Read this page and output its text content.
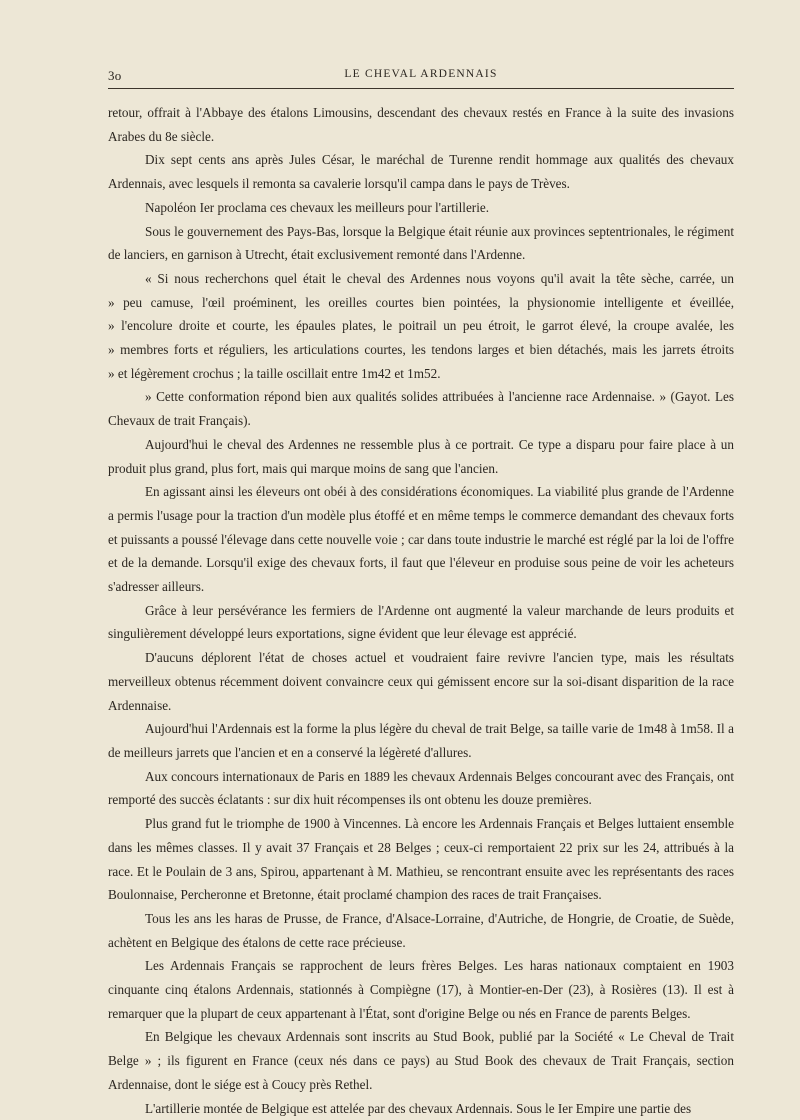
3o	LE CHEVAL ARDENNAIS

retour, offrait à l'Abbaye des étalons Limousins, descendant des chevaux restés en France à la suite des invasions Arabes du 8e siècle.

Dix sept cents ans après Jules César, le maréchal de Turenne rendit hommage aux qualités des chevaux Ardennais, avec lesquels il remonta sa cavalerie lorsqu'il campa dans le pays de Trèves.

Napoléon Ier proclama ces chevaux les meilleurs pour l'artillerie.

Sous le gouvernement des Pays-Bas, lorsque la Belgique était réunie aux provinces septentrionales, le régiment de lanciers, en garnison à Utrecht, était exclusivement remonté dans l'Ardenne.

« Si nous recherchons quel était le cheval des Ardennes nous voyons qu'il avait la tête sèche, carrée, un
» peu camuse, l'œil proéminent, les oreilles courtes bien pointées, la physionomie intelligente et éveillée,
» l'encolure droite et courte, les épaules plates, le poitrail un peu étroit, le garrot élevé, la croupe avalée, les
» membres forts et réguliers, les articulations courtes, les tendons larges et bien détachés, mais les jarrets étroits
» et légèrement crochus ; la taille oscillait entre 1m42 et 1m52.

» Cette conformation répond bien aux qualités solides attribuées à l'ancienne race Ardennaise. » (Gayot. Les Chevaux de trait Français).

Aujourd'hui le cheval des Ardennes ne ressemble plus à ce portrait. Ce type a disparu pour faire place à un produit plus grand, plus fort, mais qui marque moins de sang que l'ancien.

En agissant ainsi les éleveurs ont obéi à des considérations économiques. La viabilité plus grande de l'Ardenne a permis l'usage pour la traction d'un modèle plus étoffé et en même temps le commerce demandant des chevaux forts et puissants a poussé l'élevage dans cette nouvelle voie ; car dans toute industrie le marché est réglé par la loi de l'offre et de la demande. Lorsqu'il exige des chevaux forts, il faut que l'éleveur en produise sous peine de voir les acheteurs s'adresser ailleurs.

Grâce à leur persévérance les fermiers de l'Ardenne ont augmenté la valeur marchande de leurs produits et singulièrement développé leurs exportations, signe évident que leur élevage est apprécié.

D'aucuns déplorent l'état de choses actuel et voudraient faire revivre l'ancien type, mais les résultats merveilleux obtenus récemment doivent convaincre ceux qui gémissent encore sur la soi-disant disparition de la race Ardennaise.

Aujourd'hui l'Ardennais est la forme la plus légère du cheval de trait Belge, sa taille varie de 1m48 à 1m58. Il a de meilleurs jarrets que l'ancien et en a conservé la légèreté d'allures.

Aux concours internationaux de Paris en 1889 les chevaux Ardennais Belges concourant avec des Français, ont remporté des succès éclatants : sur dix huit récompenses ils ont obtenu les douze premières.

Plus grand fut le triomphe de 1900 à Vincennes. Là encore les Ardennais Français et Belges luttaient ensemble dans les mêmes classes. Il y avait 37 Français et 28 Belges ; ceux-ci remportaient 22 prix sur les 24, attribués à la race. Et le Poulain de 3 ans, Spirou, appartenant à M. Mathieu, se rencontrant ensuite avec les représentants des races Boulonnaise, Percheronne et Bretonne, était proclamé champion des races de trait Françaises.

Tous les ans les haras de Prusse, de France, d'Alsace-Lorraine, d'Autriche, de Hongrie, de Croatie, de Suède, achètent en Belgique des étalons de cette race précieuse.

Les Ardennais Français se rapprochent de leurs frères Belges. Les haras nationaux comptaient en 1903 cinquante cinq étalons Ardennais, stationnés à Compiègne (17), à Montier-en-Der (23), à Rosières (13). Il est à remarquer que la plupart de ceux appartenant à l'État, sont d'origine Belge ou nés en France de parents Belges.

En Belgique les chevaux Ardennais sont inscrits au Stud Book, publié par la Société « Le Cheval de Trait Belge » ; ils figurent en France (ceux nés dans ce pays) au Stud Book des chevaux de Trait Français, section Ardennaise, dont le siége est à Coucy près Rethel.

L'artillerie montée de Belgique est attelée par des chevaux Ardennais. Sous le Ier Empire une partie des
